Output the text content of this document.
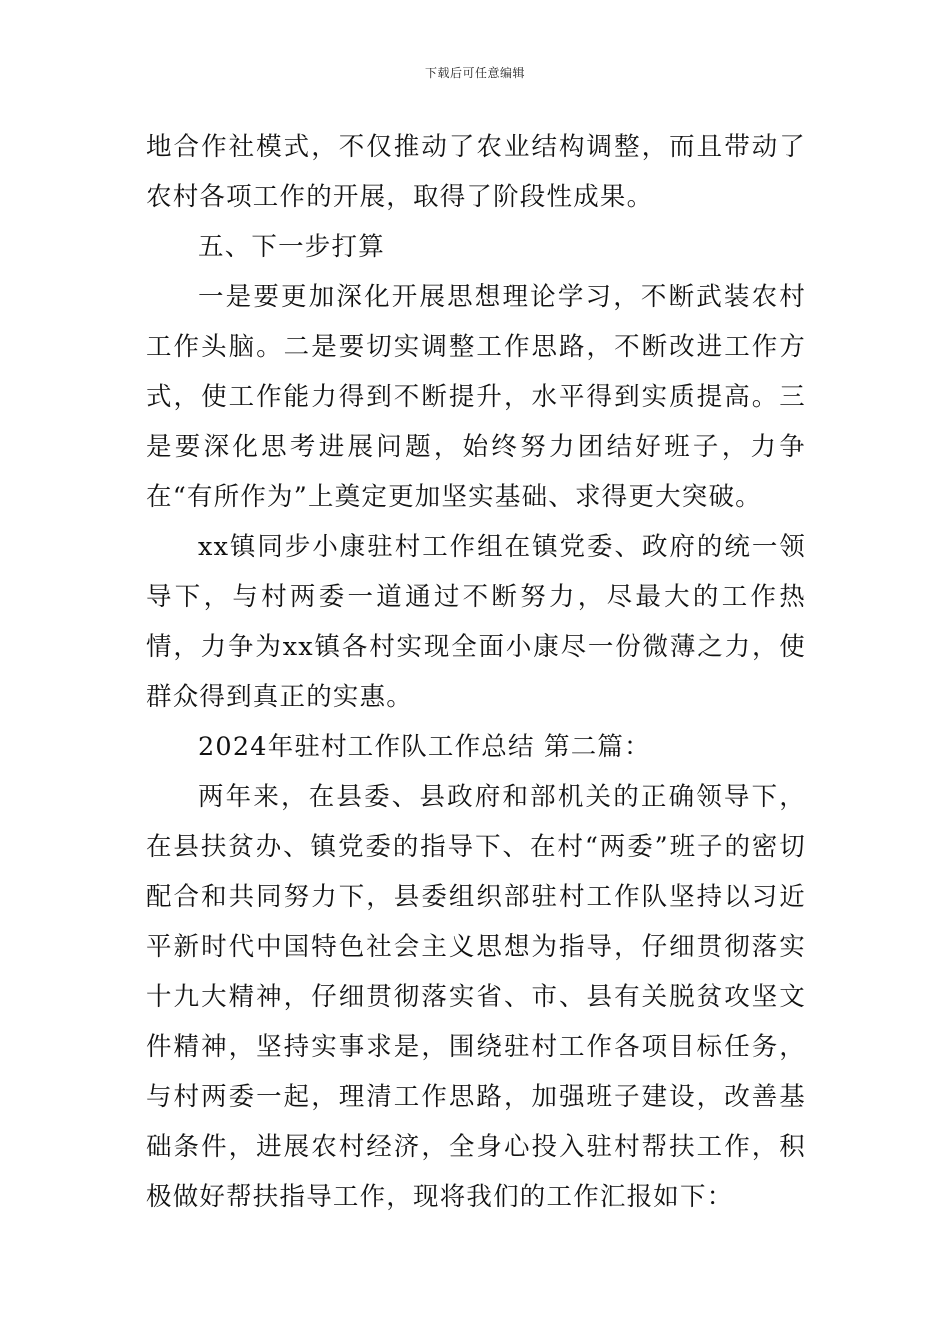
下载后可任意编辑

地合作社模式，不仅推动了农业结构调整，而且带动了农村各项工作的开展，取得了阶段性成果。

五、下一步打算

一是要更加深化开展思想理论学习，不断武装农村工作头脑。二是要切实调整工作思路，不断改进工作方式，使工作能力得到不断提升，水平得到实质提高。三是要深化思考进展问题，始终努力团结好班子，力争在“有所作为”上奠定更加坚实基础、求得更大突破。

xx镇同步小康驻村工作组在镇党委、政府的统一领导下，与村两委一道通过不断努力，尽最大的工作热情，力争为xx镇各村实现全面小康尽一份微薄之力，使群众得到真正的实惠。

2024年驻村工作队工作总结 第二篇：

两年来，在县委、县政府和部机关的正确领导下，在县扶贫办、镇党委的指导下、在村“两委”班子的密切配合和共同努力下，县委组织部驻村工作队坚持以习近平新时代中国特色社会主义思想为指导，仔细贯彻落实十九大精神，仔细贯彻落实省、市、县有关脱贫攻坚文件精神，坚持实事求是，围绕驻村工作各项目标任务，与村两委一起，理清工作思路，加强班子建设，改善基础条件，进展农村经济，全身心投入驻村帮扶工作，积极做好帮扶指导工作，现将我们的工作汇报如下：
